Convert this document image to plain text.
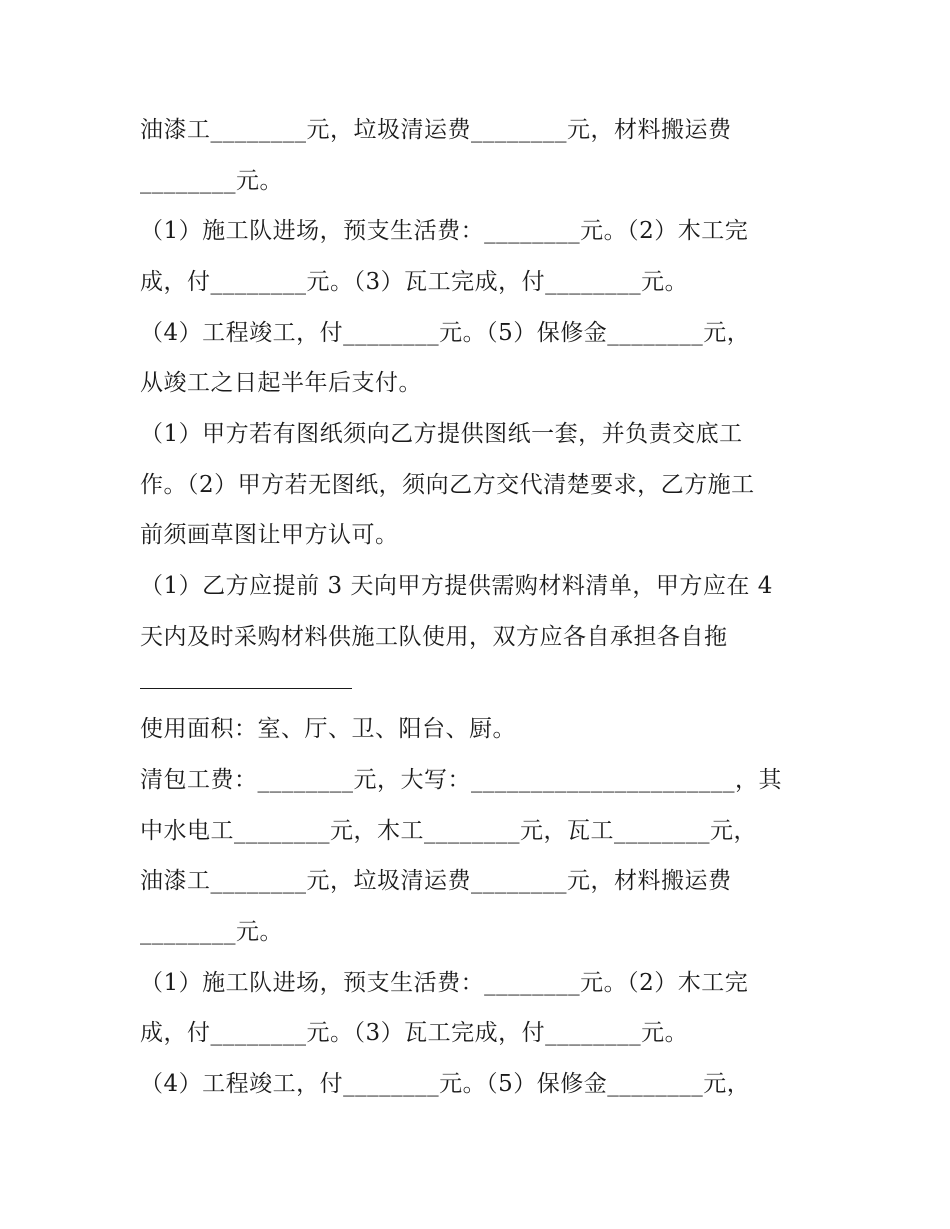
油漆工________元，垃圾清运费________元，材料搬运费
________元。
（1）施工队进场，预支生活费：________元。（2）木工完
成，付________元。（3）瓦工完成，付________元。
（4）工程竣工，付________元。（5）保修金________元，
从竣工之日起半年后支付。
（1）甲方若有图纸须向乙方提供图纸一套，并负责交底工
作。（2）甲方若无图纸，须向乙方交代清楚要求，乙方施工
前须画草图让甲方认可。
（1）乙方应提前 3 天向甲方提供需购材料清单，甲方应在 4
天内及时采购材料供施工队使用，双方应各自承担各自拖
使用面积：室、厅、卫、阳台、厨。
清包工费：________元，大写：______________________，其
中水电工________元，木工________元，瓦工________元，
油漆工________元，垃圾清运费________元，材料搬运费
________元。
（1）施工队进场，预支生活费：________元。（2）木工完
成，付________元。（3）瓦工完成，付________元。
（4）工程竣工，付________元。（5）保修金________元，
